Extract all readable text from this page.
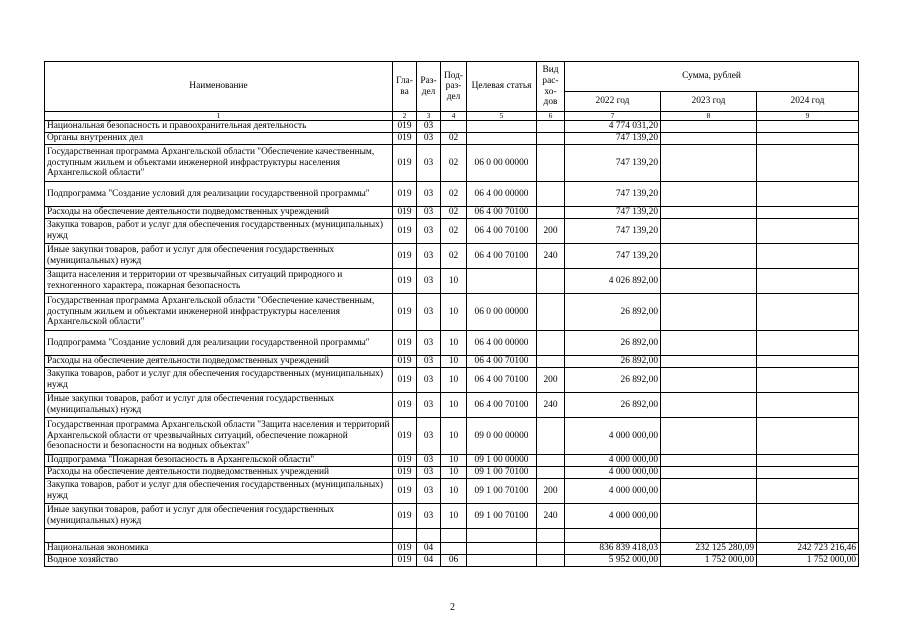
Наименование	Гла-ва	Раз-дел	Под-раз-дел	Целевая статья	Вид рас-хо-дов	Сумма, рублей		
						2022 год	2023 год	2024 год
1	2	3	4	5	6	7	8	9
Национальная безопасность и правоохранительная деятельность	019	03				4 774 031,20		
Органы внутренних дел	019	03	02			747 139,20		
Государственная программа Архангельской области "Обеспечение качественным, доступным жильем и объектами инженерной инфраструктуры населения Архангельской области"	019	03	02	06 0 00 00000		747 139,20		
Подпрограмма "Создание условий для реализации государственной программы"	019	03	02	06 4 00 00000		747 139,20		
Расходы на обеспечение деятельности подведомственных учреждений	019	03	02	06 4 00 70100		747 139,20		
Закупка товаров, работ и услуг для обеспечения государственных (муниципальных) нужд	019	03	02	06 4 00 70100	200	747 139,20		
Иные закупки товаров, работ и услуг для обеспечения государственных (муниципальных) нужд	019	03	02	06 4 00 70100	240	747 139,20		
Защита населения и территории от чрезвычайных ситуаций природного и техногенного характера, пожарная безопасность	019	03	10			4 026 892,00		
Государственная программа Архангельской области "Обеспечение качественным, доступным жильем и объектами инженерной инфраструктуры населения Архангельской области"	019	03	10	06 0 00 00000		26 892,00		
Подпрограмма "Создание условий для реализации государственной программы"	019	03	10	06 4 00 00000		26 892,00		
Расходы на обеспечение деятельности подведомственных учреждений	019	03	10	06 4 00 70100		26 892,00		
Закупка товаров, работ и услуг для обеспечения государственных (муниципальных) нужд	019	03	10	06 4 00 70100	200	26 892,00		
Иные закупки товаров, работ и услуг для обеспечения государственных (муниципальных) нужд	019	03	10	06 4 00 70100	240	26 892,00		
Государственная программа Архангельской области "Защита населения и территорий Архангельской области от чрезвычайных ситуаций, обеспечение пожарной безопасности и безопасности на водных объектах"	019	03	10	09 0 00 00000		4 000 000,00		
Подпрограмма "Пожарная безопасность в Архангельской области"	019	03	10	09 1 00 00000		4 000 000,00		
Расходы на обеспечение деятельности подведомственных учреждений	019	03	10	09 1 00 70100		4 000 000,00		
Закупка товаров, работ и услуг для обеспечения государственных (муниципальных) нужд	019	03	10	09 1 00 70100	200	4 000 000,00		
Иные закупки товаров, работ и услуг для обеспечения государственных (муниципальных) нужд	019	03	10	09 1 00 70100	240	4 000 000,00		

Национальная экономика	019	04				836 839 418,03	232 125 280,09	242 723 216,46
Водное хозяйство	019	04	06			5 952 000,00	1 752 000,00	1 752 000,00
2
